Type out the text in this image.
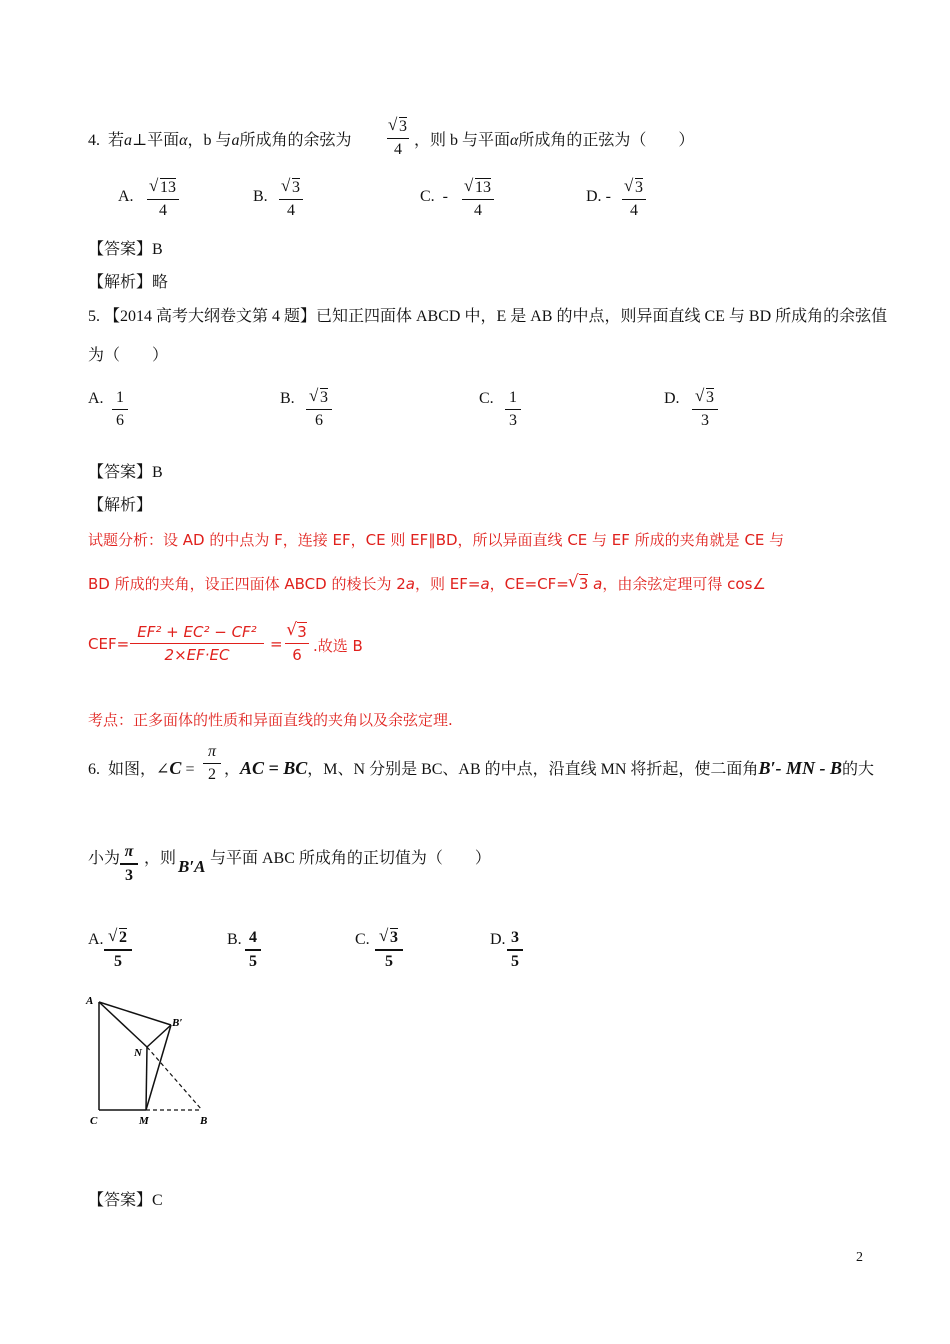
4. 若a⊥平面α，b 与a所成角的余弦为
√ 3
4
，则 b 与平面α所成角的正弦为（　　）
A.
√ 13
4
B.
√ 3
4
C. -
√ 13
4
D. -
√ 3
4
【答案】B
【解析】略
5. 【2014 高考大纲卷文第 4 题】已知正四面体 ABCD 中，E 是 AB 的中点，则异面直线 CE 与 BD 所成角的余弦值
为（　　）
A. 1
6
B.	√ 3
6
C. 1
3
D.	√ 3
3
【答案】B
【解析】
试题分析：设 AD 的中点为 F，连接 EF，CE 则 EF∥BD，所以异面直线 CE 与 EF 所成的夹角就是 CE 与
BD 所成的夹角，设正四面体 ABCD 的棱长为 2a，则 EF=a，CE=CF= √ 3 a，由余弦定理可得 cos∠
CEF=
EF² + EC² − CF²
2×EF·EC
=
√ 3
6 .故选 B
考点：正多面体的性质和异面直线的夹角以及余弦定理.
6. 如图，∠C =
π
2 ，AC = BC，M、N 分别是 BC、AB 的中点，沿直线 MN 将折起，使二面角B′- MN - B的大
小为 π
3
，则 B′A 与平面 ABC 所成角的正切值为（　　）
A. √ 2
5
B. 4
5
C.	√ 3
5
D. 3
5
A
B′
N
C	M	B
【答案】C
2
